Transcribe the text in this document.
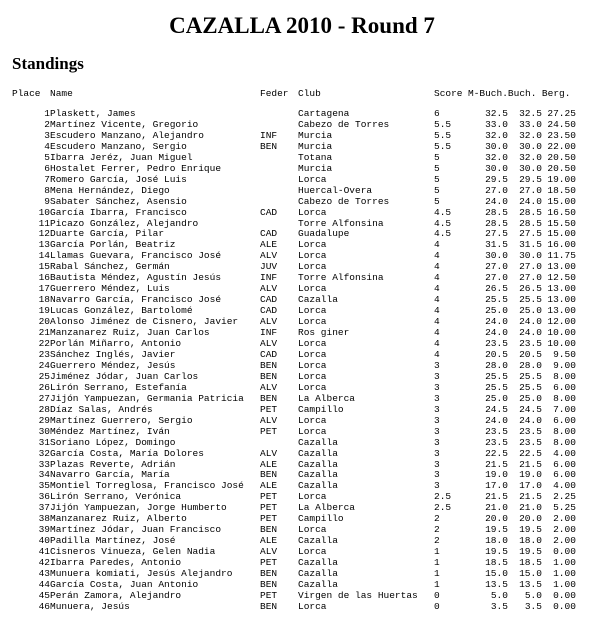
CAZALLA 2010 - Round 7
Standings
Place	Name	Feder	Club	Score	M-Buch.	Buch.	Berg.
1	Plaskett, James		Cartagena	6	32.5	32.5	27.25
2	Martínez Vicente, Gregorio		Cabezo de Torres	5.5	33.0	33.0	24.50
3	Escudero Manzano, Alejandro	INF	Murcia	5.5	32.0	32.0	23.50
4	Escudero Manzano, Sergio	BEN	Murcia	5.5	30.0	30.0	22.00
5	Ibarra Jeréz, Juan Miguel		Totana	5	32.0	32.0	20.50
6	Hostalet Ferrer, Pedro Enrique		Murcia	5	30.0	30.0	20.50
7	Romero García, José Luis		Lorca	5	29.5	29.5	19.00
8	Mena Hernández, Diego		Huercal-Overa	5	27.0	27.0	18.50
9	Sabater Sánchez, Asensio		Cabezo de Torres	5	24.0	24.0	15.00
10	García Ibarra, Francisco	CAD	Lorca	4.5	28.5	28.5	16.50
11	Picazo González, Alejandro		Torre Alfonsina	4.5	28.5	28.5	15.50
12	Duarte García, Pilar	CAD	Guadalupe	4.5	27.5	27.5	15.00
13	García Porlán, Beatriz	ALE	Lorca	4	31.5	31.5	16.00
14	Llamas Guevara, Francisco José	ALV	Lorca	4	30.0	30.0	11.75
15	Rabal Sánchez, Germán	JUV	Lorca	4	27.0	27.0	13.00
16	Bautista Méndez, Agustín Jesús	INF	Torre Alfonsina	4	27.0	27.0	12.50
17	Guerrero Méndez, Luis	ALV	Lorca	4	26.5	26.5	13.00
18	Navarro García, Francisco José	CAD	Cazalla	4	25.5	25.5	13.00
19	Lucas González, Bartolomé	CAD	Lorca	4	25.0	25.0	13.00
20	Alonso Jiménez de Cisnero, Javier	ALV	Lorca	4	24.0	24.0	12.00
21	Manzanarez Ruiz, Juan Carlos	INF	Ros giner	4	24.0	24.0	10.00
22	Porlán Miñarro, Antonio	ALV	Lorca	4	23.5	23.5	10.00
23	Sánchez Inglés, Javier	CAD	Lorca	4	20.5	20.5	9.50
24	Guerrero Méndez, Jesús	BEN	Lorca	3	28.0	28.0	9.00
25	Jiménez Jódar, Juan Carlos	BEN	Lorca	3	25.5	25.5	8.00
26	Lirón Serrano, Estefanía	ALV	Lorca	3	25.5	25.5	6.00
27	Jijón Yampuezan, Germania Patricia	BEN	La Alberca	3	25.0	25.0	8.00
28	Díaz Salas, Andrés	PET	Campillo	3	24.5	24.5	7.00
29	Martínez Guerrero, Sergio	ALV	Lorca	3	24.0	24.0	6.00
30	Méndez Martínez, Iván	PET	Lorca	3	23.5	23.5	8.00
31	Soriano López, Domingo		Cazalla	3	23.5	23.5	8.00
32	García Costa, María Dolores	ALV	Cazalla	3	22.5	22.5	4.00
33	Plazas Reverte, Adrián	ALE	Cazalla	3	21.5	21.5	6.00
34	Navarro García, María	BEN	Cazalla	3	19.0	19.0	6.00
35	Montiel Torreglosa, Francisco José	ALE	Cazalla	3	17.0	17.0	4.00
36	Lirón Serrano, Verónica	PET	Lorca	2.5	21.5	21.5	2.25
37	Jijón Yampuezan, Jorge Humberto	PET	La Alberca	2.5	21.0	21.0	5.25
38	Manzanarez Ruiz, Alberto	PET	Campillo	2	20.0	20.0	2.00
39	Martínez Jódar, Juan Francisco	BEN	Lorca	2	19.5	19.5	2.00
40	Padilla Martínez, José	ALE	Cazalla	2	18.0	18.0	2.00
41	Cisneros Vinueza, Gelen Nadia	ALV	Lorca	1	19.5	19.5	0.00
42	Ibarra Paredes, Antonio	PET	Cazalla	1	18.5	18.5	1.00
43	Munuera komiati, Jesús Alejandro	BEN	Cazalla	1	15.0	15.0	1.00
44	García Costa, Juan Antonio	BEN	Cazalla	1	13.5	13.5	1.00
45	Perán Zamora, Alejandro	PET	Virgen de las Huertas	0	5.0	5.0	0.00
46	Munuera, Jesús	BEN	Lorca	0	3.5	3.5	0.00
